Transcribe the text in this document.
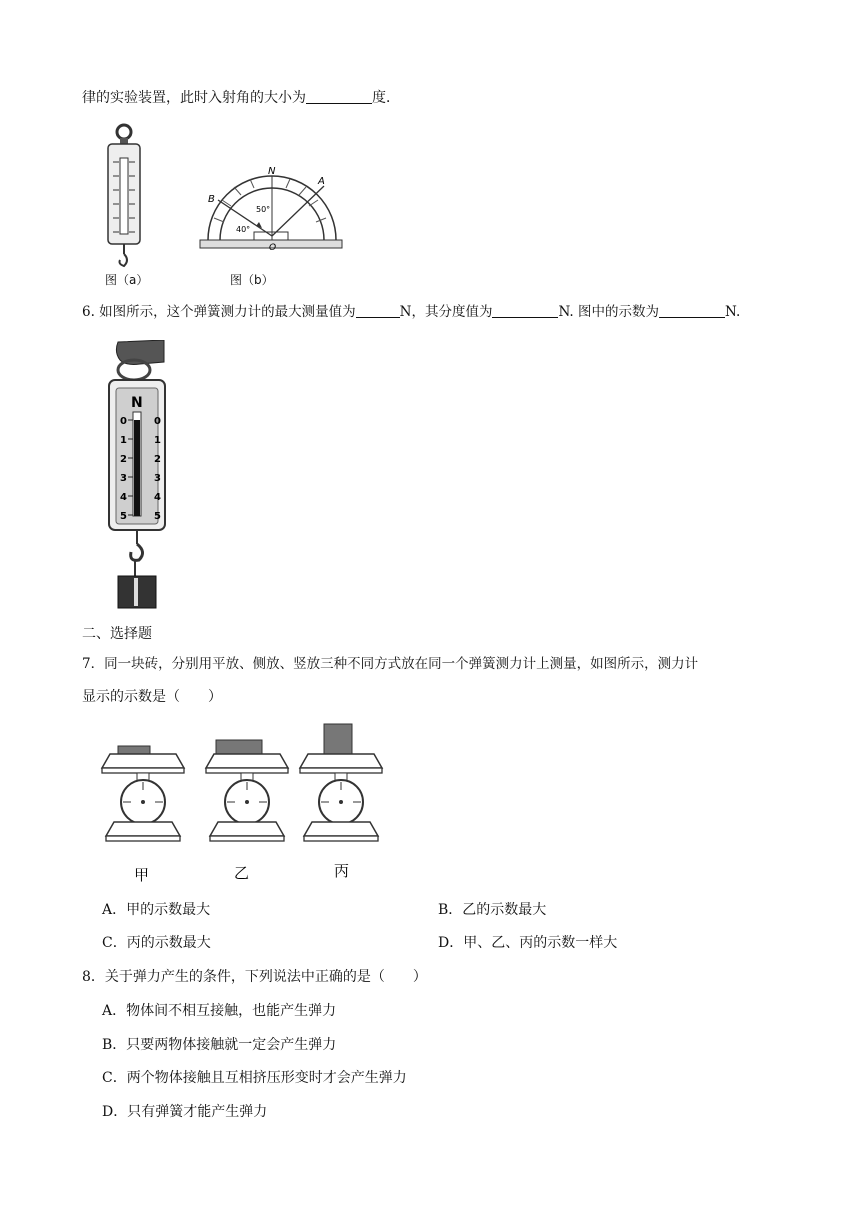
律的实验装置，此时入射角的大小为	度．
图（a）
B
N
A
50°
40°
O
图（b）
6. 如图所示，这个弹簧测力计的最大测量值为	N，其分度值为	N. 图中的示数为	N.
N
0	0
1	1
2	2
3	3
4	4
5	5
二、选择题
7．同一块砖，分别用平放、侧放、竖放三种不同方式放在同一个弹簧测力计上测量，如图所示，测力计
显示的示数是（　　）
甲	乙	丙
A．甲的示数最大	B．乙的示数最大
C．丙的示数最大	D．甲、乙、丙的示数一样大
8．关于弹力产生的条件，下列说法中正确的是（　　）
A．物体间不相互接触，也能产生弹力
B．只要两物体接触就一定会产生弹力
C．两个物体接触且互相挤压形变时才会产生弹力
D．只有弹簧才能产生弹力
